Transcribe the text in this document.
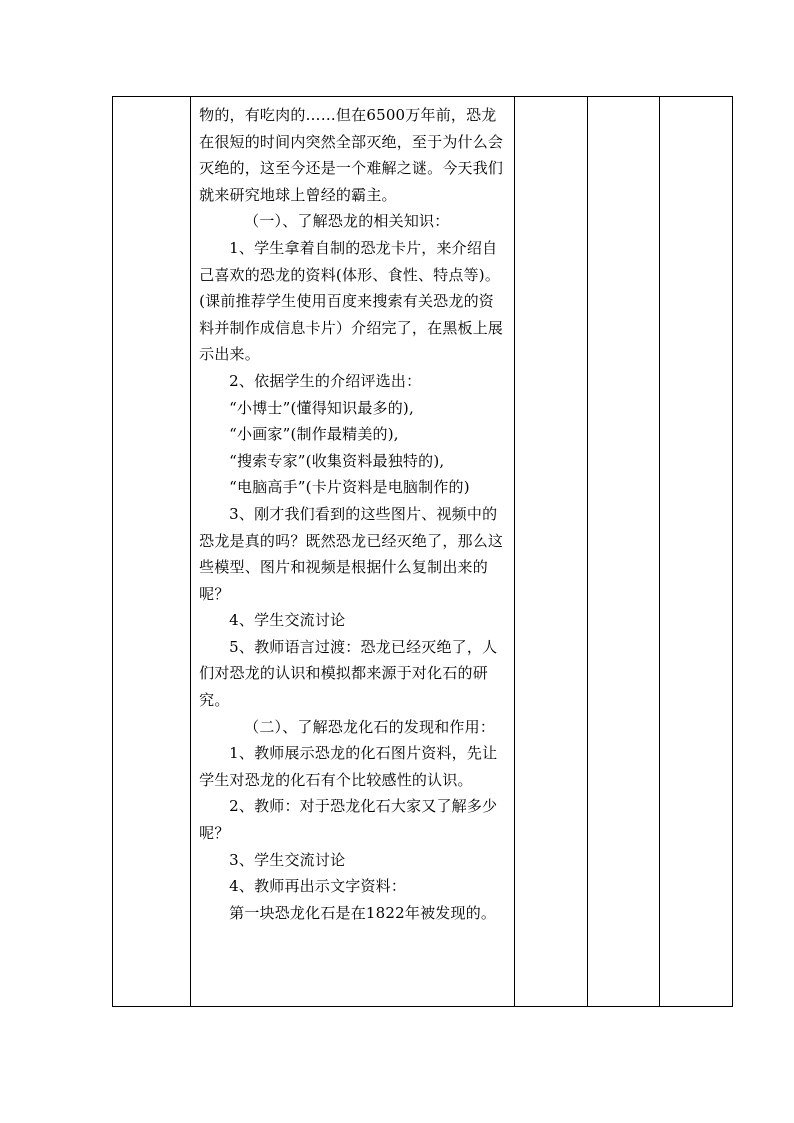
物的，有吃肉的……但在6500万年前，恐龙在很短的时间内突然全部灭绝，至于为什么会灭绝的，这至今还是一个难解之谜。今天我们就来研究地球上曾经的霸主。

（一）、了解恐龙的相关知识：

1、学生拿着自制的恐龙卡片，来介绍自己喜欢的恐龙的资料(体形、食性、特点等)。(课前推荐学生使用百度来搜索有关恐龙的资料并制作成信息卡片）介绍完了，在黑板上展示出来。

2、依据学生的介绍评选出：

“小博士”(懂得知识最多的),

“小画家”(制作最精美的),

“搜索专家”(收集资料最独特的),

“电脑高手”(卡片资料是电脑制作的)

3、刚才我们看到的这些图片、视频中的恐龙是真的吗？既然恐龙已经灭绝了，那么这些模型、图片和视频是根据什么复制出来的呢？

4、学生交流讨论

5、教师语言过渡：恐龙已经灭绝了，人们对恐龙的认识和模拟都来源于对化石的研究。

（二）、了解恐龙化石的发现和作用：

1、教师展示恐龙的化石图片资料，先让学生对恐龙的化石有个比较感性的认识。

2、教师：对于恐龙化石大家又了解多少呢？

3、学生交流讨论

4、教师再出示文字资料：

第一块恐龙化石是在1822年被发现的。
